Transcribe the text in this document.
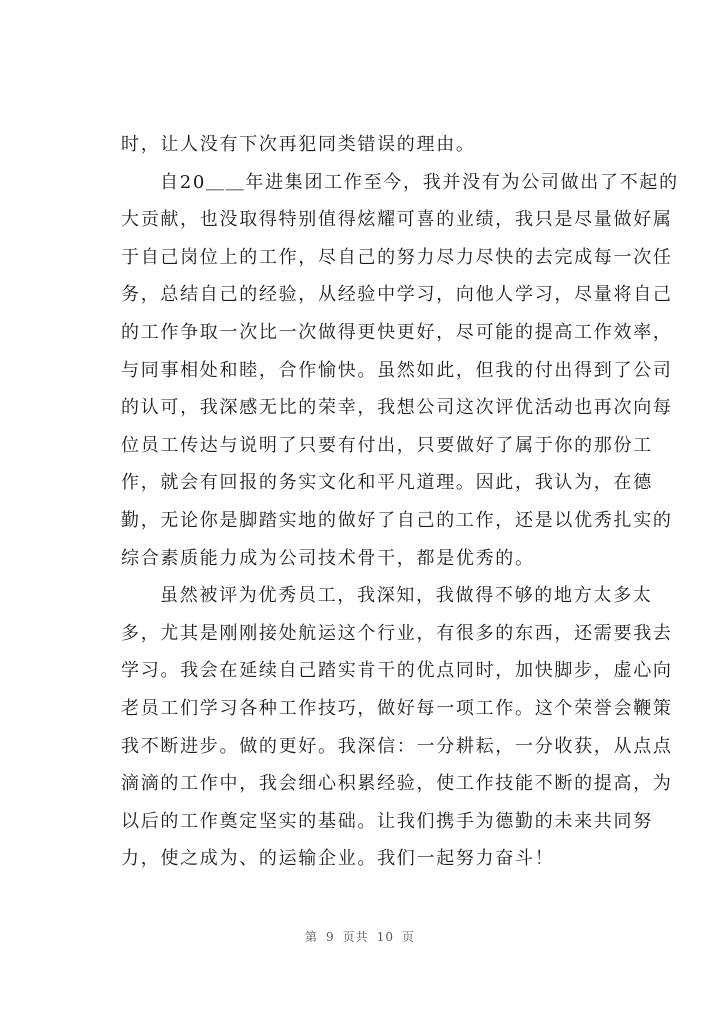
时，让人没有下次再犯同类错误的理由。
自20＿＿年进集团工作至今，我并没有为公司做出了不起的
大贡献，也没取得特别值得炫耀可喜的业绩，我只是尽量做好属
于自己岗位上的工作，尽自己的努力尽力尽快的去完成每一次任
务，总结自己的经验，从经验中学习，向他人学习，尽量将自己
的工作争取一次比一次做得更快更好，尽可能的提高工作效率，
与同事相处和睦，合作愉快。虽然如此，但我的付出得到了公司
的认可，我深感无比的荣幸，我想公司这次评优活动也再次向每
位员工传达与说明了只要有付出，只要做好了属于你的那份工
作，就会有回报的务实文化和平凡道理。因此，我认为，在德
勤，无论你是脚踏实地的做好了自己的工作，还是以优秀扎实的
综合素质能力成为公司技术骨干，都是优秀的。
虽然被评为优秀员工，我深知，我做得不够的地方太多太
多，尤其是刚刚接处航运这个行业，有很多的东西，还需要我去
学习。我会在延续自己踏实肯干的优点同时，加快脚步，虚心向
老员工们学习各种工作技巧，做好每一项工作。这个荣誉会鞭策
我不断进步。做的更好。我深信：一分耕耘，一分收获，从点点
滴滴的工作中，我会细心积累经验，使工作技能不断的提高，为
以后的工作奠定坚实的基础。让我们携手为德勤的未来共同努
力，使之成为、的运输企业。我们一起努力奋斗！
第 9 页共 10 页
